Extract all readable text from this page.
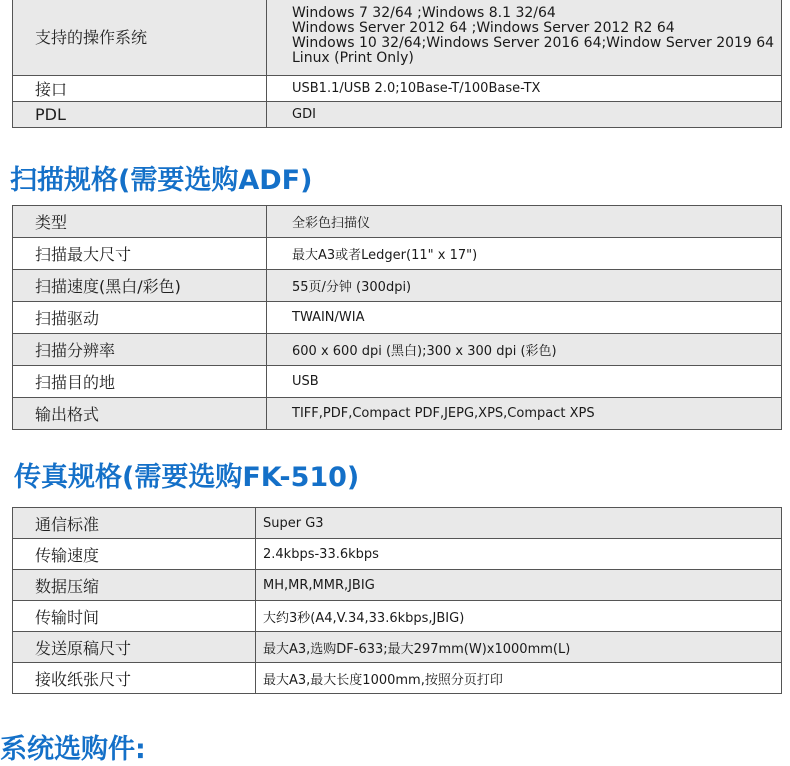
支持的操作系统	Windows 7 32/64 ;Windows 8.1 32/64
Windows Server 2012 64 ;Windows Server 2012 R2 64
Windows 10 32/64;Windows Server 2016 64;Window Server 2019 64
Linux (Print Only)

接口	USB1.1/USB 2.0;10Base-T/100Base-TX
PDL	GDI
扫描规格(需要选购ADF)
类型	全彩色扫描仪
扫描最大尺寸	最大A3或者Ledger(11" x 17")
扫描速度(黑白/彩色)	55页/分钟 (300dpi)
扫描驱动	TWAIN/WIA
扫描分辨率	600 x 600 dpi (黑白);300 x 300 dpi (彩色)
扫描目的地	USB
输出格式	TIFF,PDF,Compact PDF,JEPG,XPS,Compact XPS
传真规格(需要选购FK-510)
通信标准	Super G3
传输速度	2.4kbps-33.6kbps
数据压缩	MH,MR,MMR,JBIG
传输时间	大约3秒(A4,V.34,33.6kbps,JBIG)
发送原稿尺寸	最大A3,选购DF-633;最大297mm(W)x1000mm(L)
接收纸张尺寸	最大A3,最大长度1000mm,按照分页打印
系统选购件:
